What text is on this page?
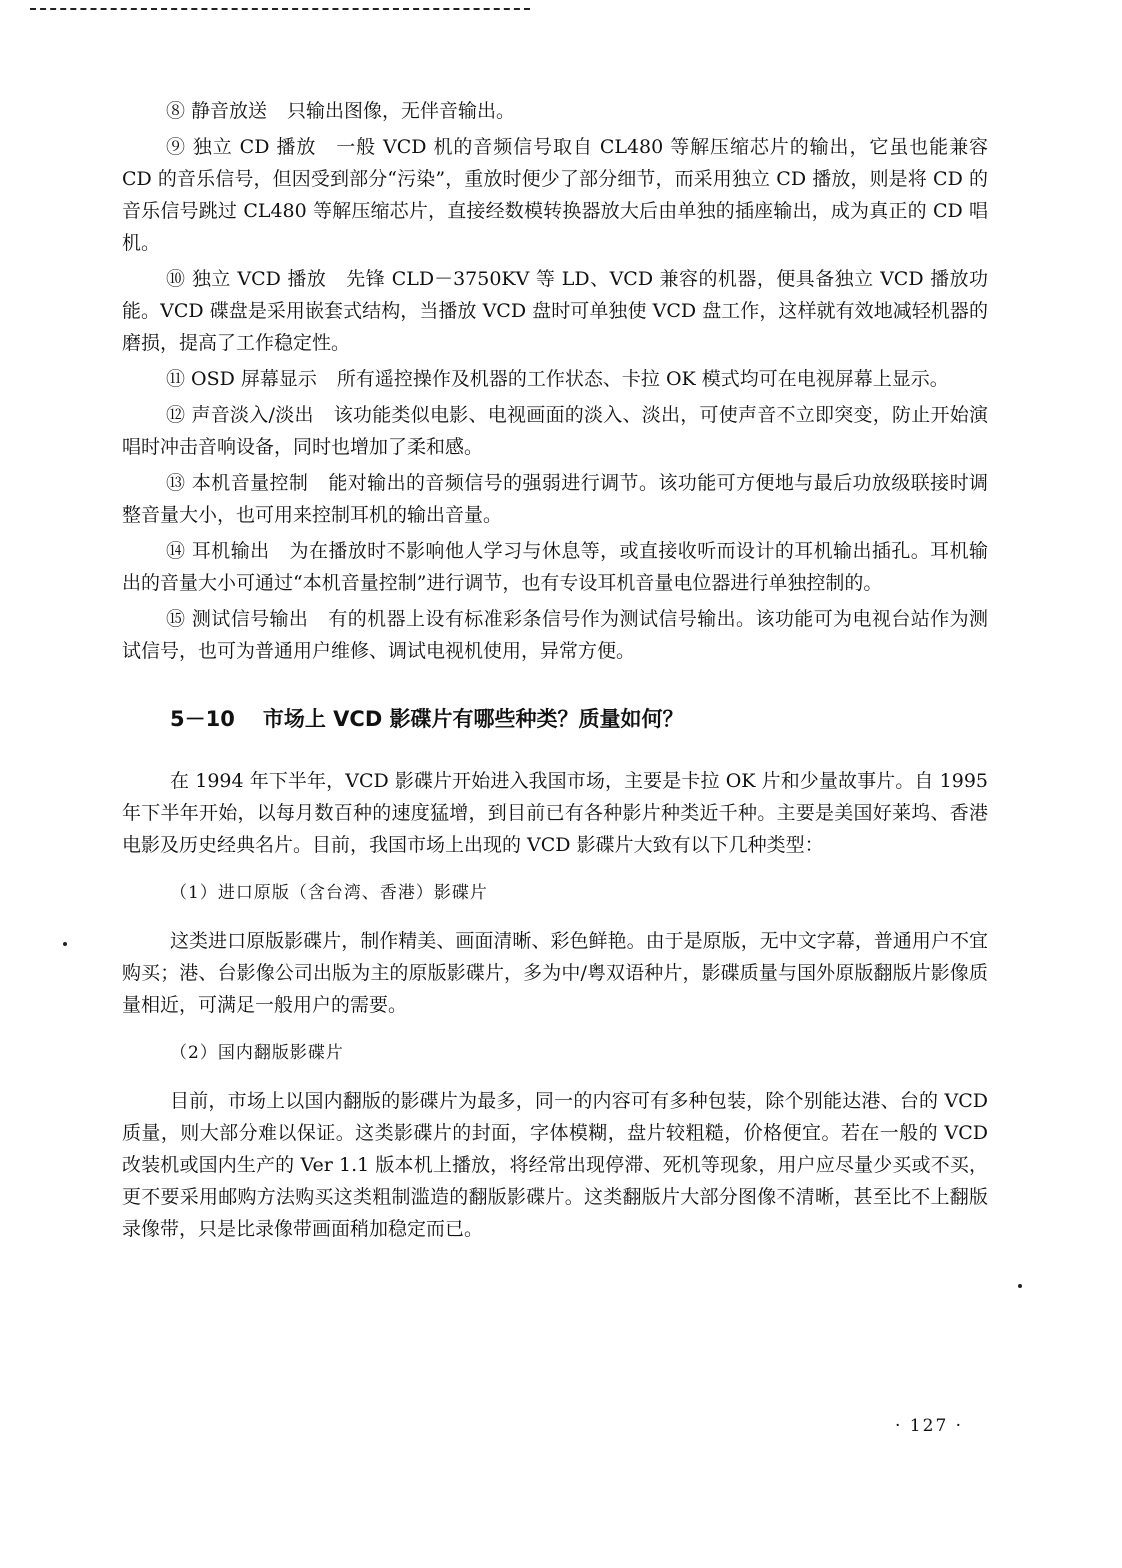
⑧ 静音放送 只输出图像，无伴音输出。

⑨ 独立 CD 播放 一般 VCD 机的音频信号取自 CL480 等解压缩芯片的输出，它虽也能兼容 CD 的音乐信号，但因受到部分“污染”，重放时便少了部分细节，而采用独立 CD 播放，则是将 CD 的音乐信号跳过 CL480 等解压缩芯片，直接经数模转换器放大后由单独的插座输出，成为真正的 CD 唱机。

⑩ 独立 VCD 播放 先锋 CLD－3750KV 等 LD、VCD 兼容的机器，便具备独立 VCD 播放功能。VCD 碟盘是采用嵌套式结构，当播放 VCD 盘时可单独使 VCD 盘工作，这样就有效地减轻机器的磨损，提高了工作稳定性。

⑪ OSD 屏幕显示 所有遥控操作及机器的工作状态、卡拉 OK 模式均可在电视屏幕上显示。

⑫ 声音淡入/淡出 该功能类似电影、电视画面的淡入、淡出，可使声音不立即突变，防止开始演唱时冲击音响设备，同时也增加了柔和感。

⑬ 本机音量控制 能对输出的音频信号的强弱进行调节。该功能可方便地与最后功放级联接时调整音量大小，也可用来控制耳机的输出音量。

⑭ 耳机输出 为在播放时不影响他人学习与休息等，或直接收听而设计的耳机输出插孔。耳机输出的音量大小可通过“本机音量控制”进行调节，也有专设耳机音量电位器进行单独控制的。

⑮ 测试信号输出 有的机器上设有标准彩条信号作为测试信号输出。该功能可为电视台站作为测试信号，也可为普通用户维修、调试电视机使用，异常方便。

5－10 市场上 VCD 影碟片有哪些种类？质量如何？

在 1994 年下半年，VCD 影碟片开始进入我国市场，主要是卡拉 OK 片和少量故事片。自 1995 年下半年开始，以每月数百种的速度猛增，到目前已有各种影片种类近千种。主要是美国好莱坞、香港电影及历史经典名片。目前，我国市场上出现的 VCD 影碟片大致有以下几种类型：

（1）进口原版（含台湾、香港）影碟片

这类进口原版影碟片，制作精美、画面清晰、彩色鲜艳。由于是原版，无中文字幕，普通用户不宜购买；港、台影像公司出版为主的原版影碟片，多为中/粤双语种片，影碟质量与国外原版翻版片影像质量相近，可满足一般用户的需要。

（2）国内翻版影碟片

目前，市场上以国内翻版的影碟片为最多，同一的内容可有多种包装，除个别能达港、台的 VCD 质量，则大部分难以保证。这类影碟片的封面，字体模糊，盘片较粗糙，价格便宜。若在一般的 VCD 改装机或国内生产的 Ver 1.1 版本机上播放，将经常出现停滞、死机等现象，用户应尽量少买或不买，更不要采用邮购方法购买这类粗制滥造的翻版影碟片。这类翻版片大部分图像不清晰，甚至比不上翻版录像带，只是比录像带画面稍加稳定而已。

· 127 ·
